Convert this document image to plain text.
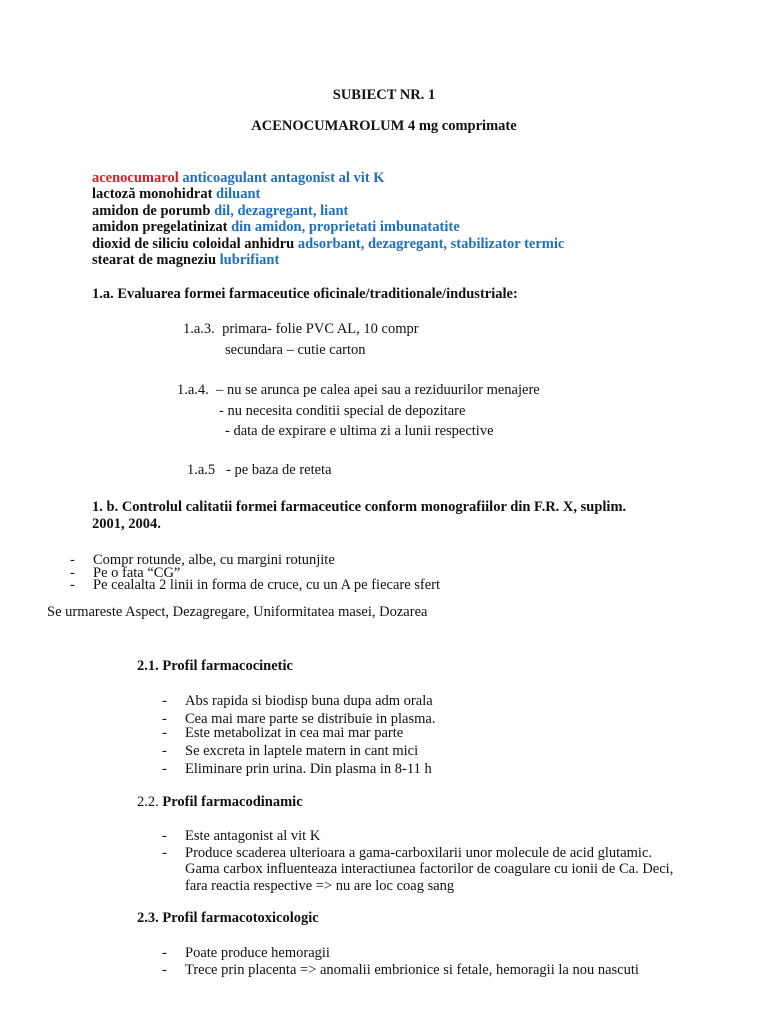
SUBIECT NR. 1
ACENOCUMAROLUM 4 mg comprimate
acenocumarol anticoagulant antagonist al vit K
lactoză monohidrat diluant
amidon de porumb dil, dezagregant, liant
amidon pregelatinizat din amidon, proprietati imbunatatite
dioxid de siliciu coloidal anhidru adsorbant, dezagregant, stabilizator termic
stearat de magneziu lubrifiant
1.a. Evaluarea formei farmaceutice oficinale/traditionale/industriale:
1.a.3. primara- folie PVC AL, 10 compr
secundara – cutie carton
1.a.4. – nu se arunca pe calea apei sau a reziduurilor menajere
- nu necesita conditii special de depozitare
- data de expirare e ultima zi a lunii respective
1.a.5 - pe baza de reteta
1. b. Controlul calitatii formei farmaceutice conform monografiilor din F.R. X, suplim.
2001, 2004.
- Compr rotunde, albe, cu margini rotunjite
- Pe o fata “CG”
- Pe cealalta 2 linii in forma de cruce, cu un A pe fiecare sfert
Se urmareste Aspect, Dezagregare, Uniformitatea masei, Dozarea
2.1. Profil farmacocinetic
- Abs rapida si biodisp buna dupa adm orala
- Cea mai mare parte se distribuie in plasma.
- Este metabolizat in cea mai mar parte
- Se excreta in laptele matern in cant mici
- Eliminare prin urina. Din plasma in 8-11 h
2.2. Profil farmacodinamic
- Este antagonist al vit K
- Produce scaderea ulterioara a gama-carboxilarii unor molecule de acid glutamic.
Gama carbox influenteaza interactiunea factorilor de coagulare cu ionii de Ca. Deci,
fara reactia respective => nu are loc coag sang
2.3. Profil farmacotoxicologic
- Poate produce hemoragii
- Trece prin placenta => anomalii embrionice si fetale, hemoragii la nou nascuti
